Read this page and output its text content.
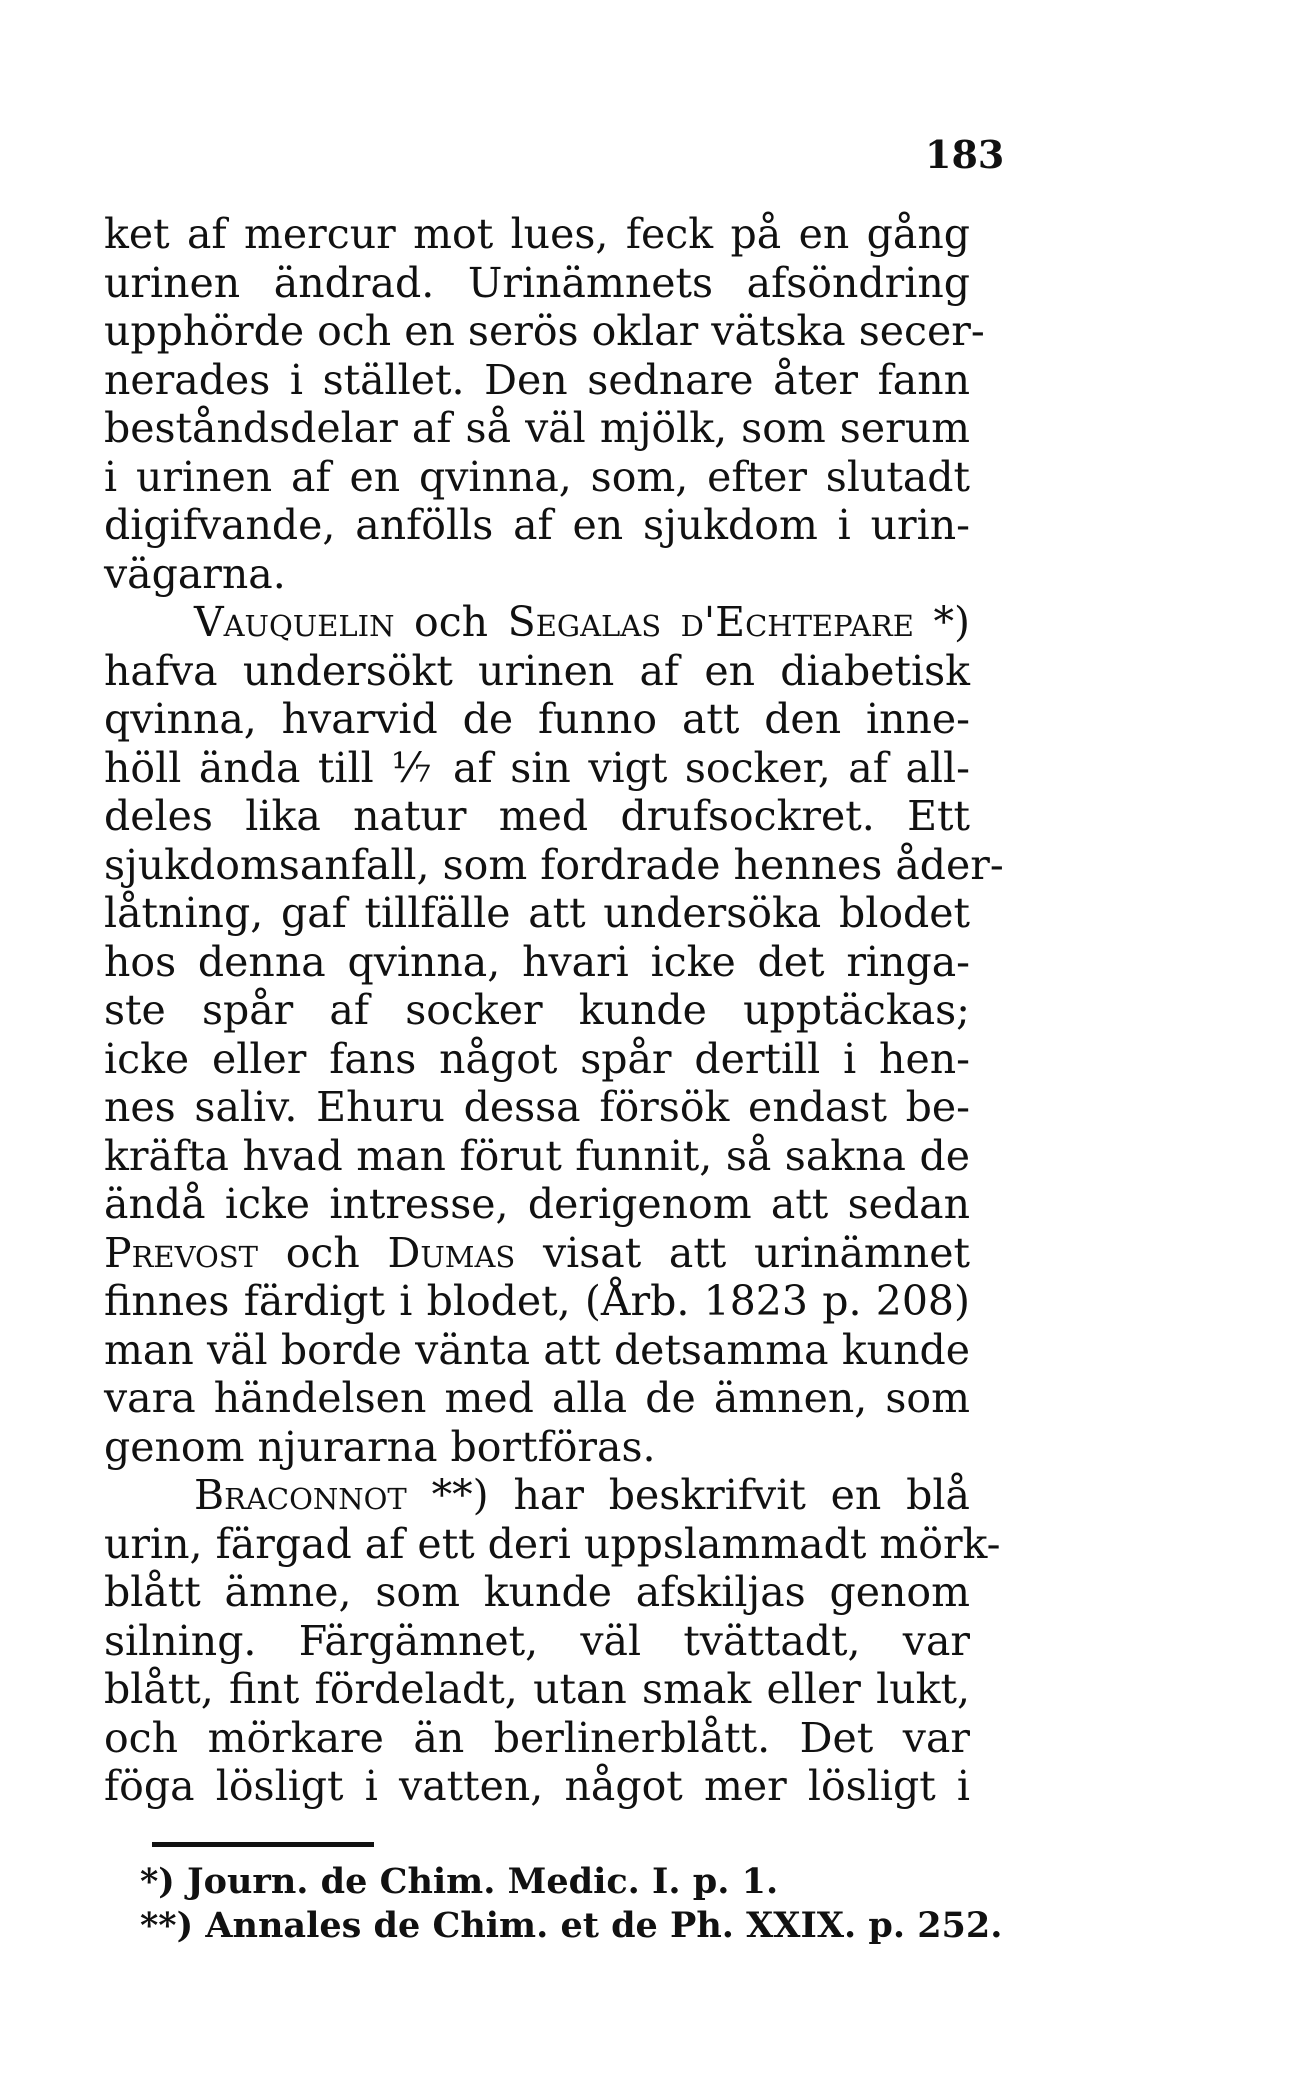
183
ket af mercur mot lues, feck på en gång
urinen ändrad. Urinämnets afsöndring
upphörde och en serös oklar vätska secer-
nerades i stället. Den sednare åter fann
beståndsdelar af så väl mjölk, som serum
i urinen af en qvinna, som, efter slutadt
digifvande, anfölls af en sjukdom i urin-
vägarna.
Vauquelin och Segalas d'Echtepare *)
hafva undersökt urinen af en diabetisk
qvinna, hvarvid de funno att den inne-
höll ända till ⅐ af sin vigt socker, af all-
deles lika natur med drufsockret. Ett
sjukdomsanfall, som fordrade hennes åder-
låtning, gaf tillfälle att undersöka blodet
hos denna qvinna, hvari icke det ringa-
ste spår af socker kunde upptäckas;
icke eller fans något spår dertill i hen-
nes saliv. Ehuru dessa försök endast be-
kräfta hvad man förut funnit, så sakna de
ändå icke intresse, derigenom att sedan
Prevost och Dumas visat att urinämnet
finnes färdigt i blodet, (Årb. 1823 p. 208)
man väl borde vänta att detsamma kunde
vara händelsen med alla de ämnen, som
genom njurarna bortföras.
Braconnot **) har beskrifvit en blå
urin, färgad af ett deri uppslammadt mörk-
blått ämne, som kunde afskiljas genom
silning. Färgämnet, väl tvättadt, var
blått, fint fördeladt, utan smak eller lukt,
och mörkare än berlinerblått. Det var
föga lösligt i vatten, något mer lösligt i
*) Journ. de Chim. Medic. I. p. 1.
**) Annales de Chim. et de Ph. XXIX. p. 252.
